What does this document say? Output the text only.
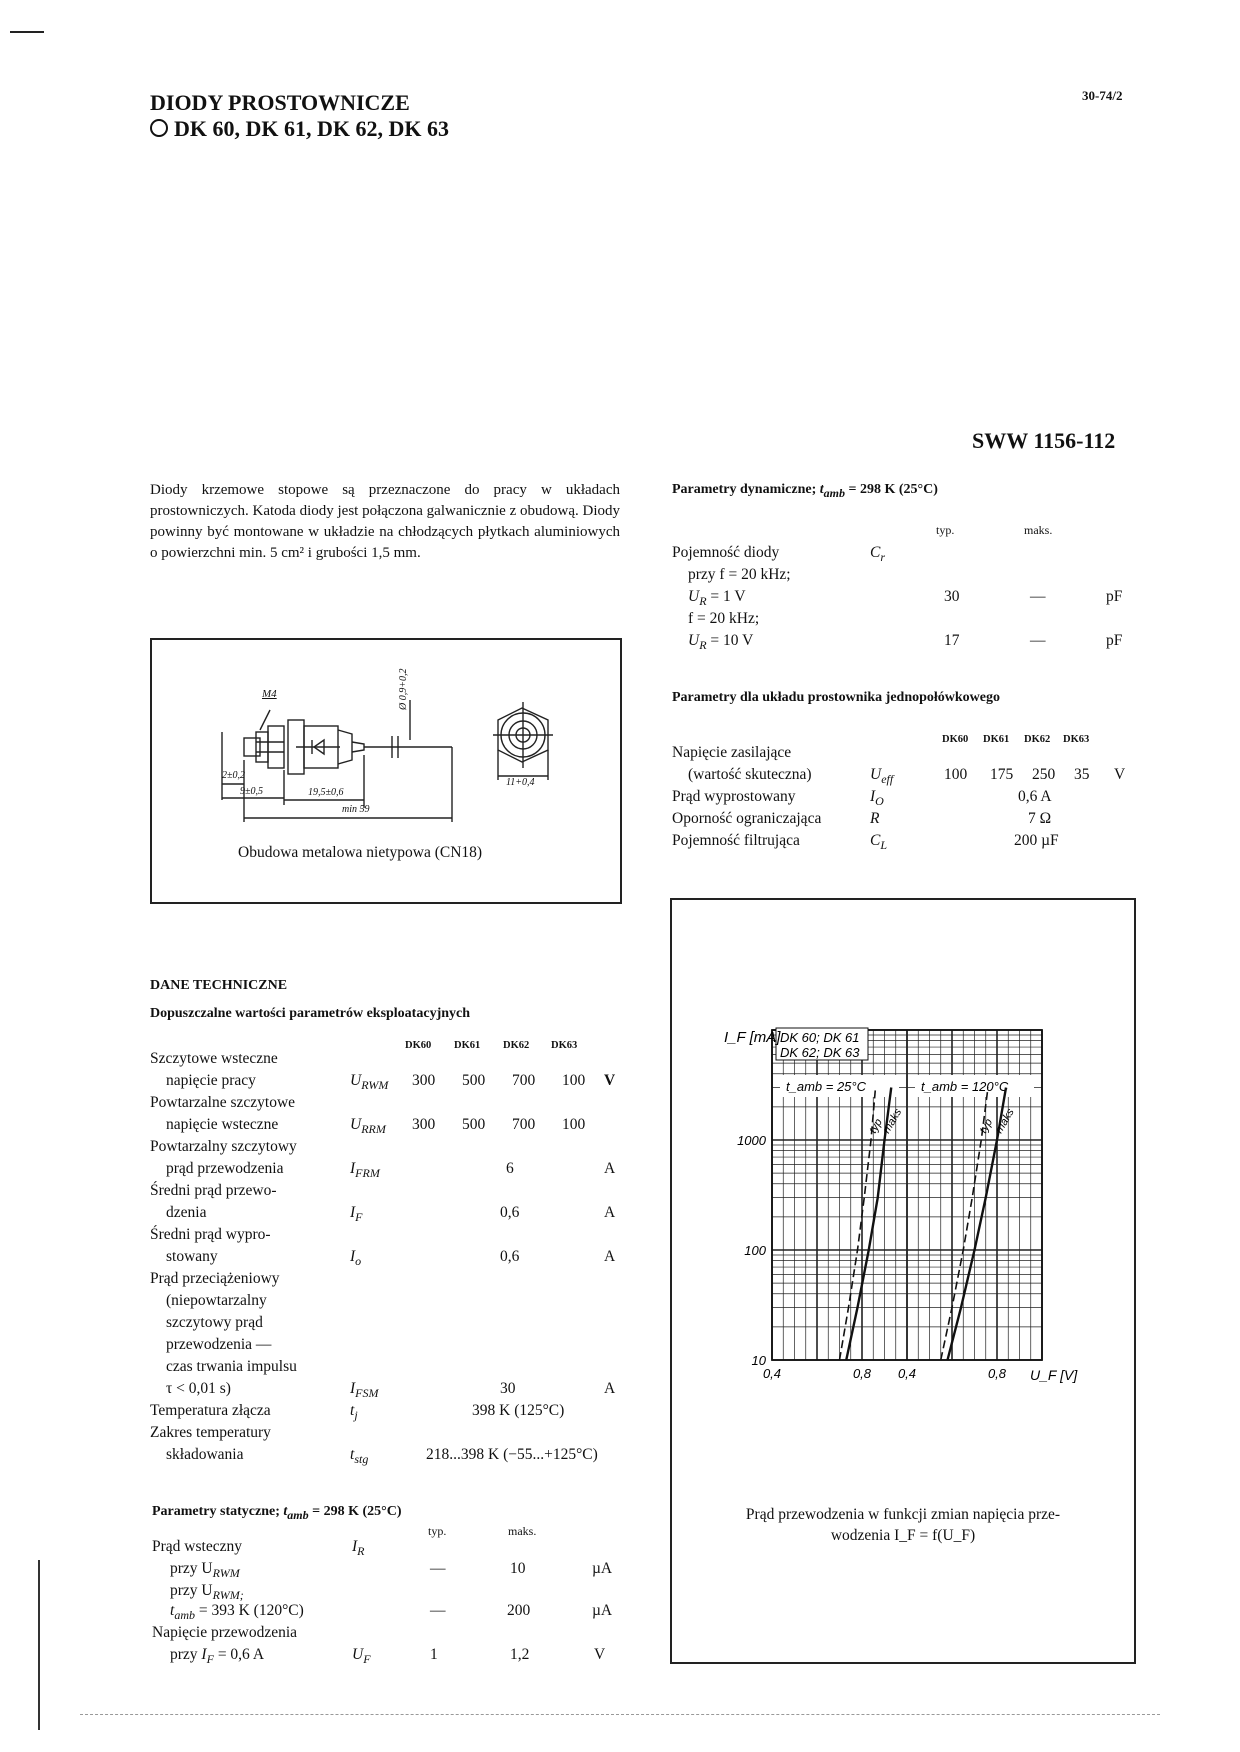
DIODY PROSTOWNICZE
DK 60, DK 61, DK 62, DK 63
30-74/2
SWW 1156-112
Diody krzemowe stopowe są przeznaczone do pracy w układach prostowniczych. Katoda diody jest połączona galwanicznie z obudową. Diody powinny być montowane w układzie na chłodzących płytkach aluminiowych o powierzchni min. 5 cm² i grubości 1,5 mm.
M4
2±0,2
9±0,5	19,5±0,6
min 59
Ø 0,9+0,2
11+0,4
Obudowa metalowa nietypowa (CN18)
DANE TECHNICZNE
Dopuszczalne wartości parametrów eksploatacyjnych
DK60 DK61 DK62 DK63
Szczytowe wsteczne
napięcie pracy	$U_{RWM}$ 300 500 700 100 V
Powtarzalne szczytowe
napięcie wsteczne	$U_{RRM}$ 300 500 700 100
Powtarzalny szczytowy
prąd przewodzenia	$I_{FRM}$	6	A
Średni prąd przewo-
dzenia	$I_F$	0,6	A
Średni prąd wypro-
stowany	$I_o$	0,6	A
Prąd przeciążeniowy
(niepowtarzalny
szczytowy prąd
przewodzenia —
czas trwania impulsu
τ < 0,01 s)	$I_{FSM}$	30	A
Temperatura złącza	$t_j$	398 K (125°C)
Zakres temperatury
składowania	$t_{stg}$	218...398 K (−55...+125°C)
Parametry statyczne; $t_{amb} = 298$ K (25°C)
typ.	maks.
Prąd wsteczny	$I_R$
przy $U_{RWM}$	—	10	µA
przy $U_{RWM;}$
$t_{amb} = 393$ K (120°C)	—	200	µA
Napięcie przewodzenia
przy $I_F = 0,6$ A	$U_F$	1	1,2	V
Parametry dynamiczne; $t_{amb} = 298$ K (25°C)
typ.	maks.
Pojemność diody	$C_r$
przy f = 20 kHz;
$U_R = 1$ V	30	—	pF
f = 20 kHz;
$U_R = 10$ V	17	—	pF
Parametry dla układu prostownika jednopołówkowego
DK60 DK61 DK62 DK63
Napięcie zasilające
(wartość skuteczna)	$U_{eff}$	100 175 250 35 V
Prąd wyprostowany	$I_O$	0,6 A
Oporność ograniczająca	R	7 Ω
Pojemność filtrująca	$C_L$	200 µF
DK 60; DK 61
DK 62; DK 63
I_F [mA]
U_F [V]
10
100
1000
0,4	0,8
t_amb = 25°C
typ
maks
0,4	0,8
t_amb = 120°C
typ
maks
Prąd przewodzenia w funkcji zmian napięcia prze-
wodzenia I_F = f(U_F)
